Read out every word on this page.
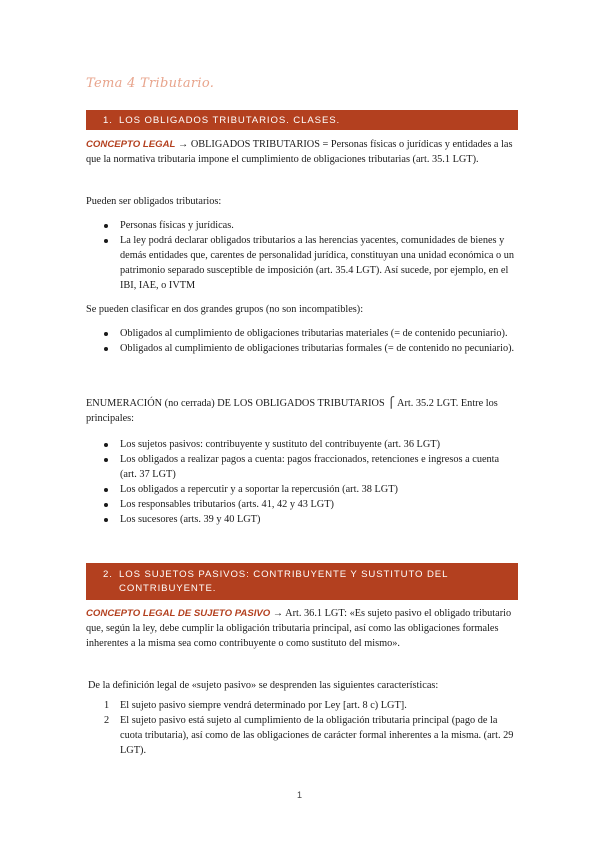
Tema 4 Tributario.
1. LOS OBLIGADOS TRIBUTARIOS. CLASES.
CONCEPTO LEGAL → OBLIGADOS TRIBUTARIOS = Personas físicas o jurídicas y entidades a las que la normativa tributaria impone el cumplimiento de obligaciones tributarias (art. 35.1 LGT).
Pueden ser obligados tributarios:
Personas físicas y jurídicas.
La ley podrá declarar obligados tributarios a las herencias yacentes, comunidades de bienes y demás entidades que, carentes de personalidad jurídica, constituyan una unidad económica o un patrimonio separado susceptible de imposición (art. 35.4 LGT). Así sucede, por ejemplo, en el IBI, IAE, o IVTM
Se pueden clasificar en dos grandes grupos (no son incompatibles):
Obligados al cumplimiento de obligaciones tributarias materiales (= de contenido pecuniario).
Obligados al cumplimiento de obligaciones tributarias formales (= de contenido no pecuniario).
ENUMERACIÓN (no cerrada) DE LOS OBLIGADOS TRIBUTARIOS ⎧ Art. 35.2 LGT. Entre los principales:
Los sujetos pasivos: contribuyente y sustituto del contribuyente (art. 36 LGT)
Los obligados a realizar pagos a cuenta: pagos fraccionados, retenciones e ingresos a cuenta (art. 37 LGT)
Los obligados a repercutir y a soportar la repercusión (art. 38 LGT)
Los responsables tributarios (arts. 41, 42 y 43 LGT)
Los sucesores (arts. 39 y 40 LGT)
2. LOS SUJETOS PASIVOS: CONTRIBUYENTE Y SUSTITUTO DEL
CONTRIBUYENTE.
CONCEPTO LEGAL DE SUJETO PASIVO → Art. 36.1 LGT: «Es sujeto pasivo el obligado tributario que, según la ley, debe cumplir la obligación tributaria principal, así como las obligaciones formales inherentes a la misma sea como contribuyente o como sustituto del mismo».
De la definición legal de «sujeto pasivo» se desprenden las siguientes características:
1 El sujeto pasivo siempre vendrá determinado por Ley [art. 8 c) LGT].
2 El sujeto pasivo está sujeto al cumplimiento de la obligación tributaria principal (pago de la cuota tributaria), así como de las obligaciones de carácter formal inherentes a la misma. (art. 29 LGT).
1
